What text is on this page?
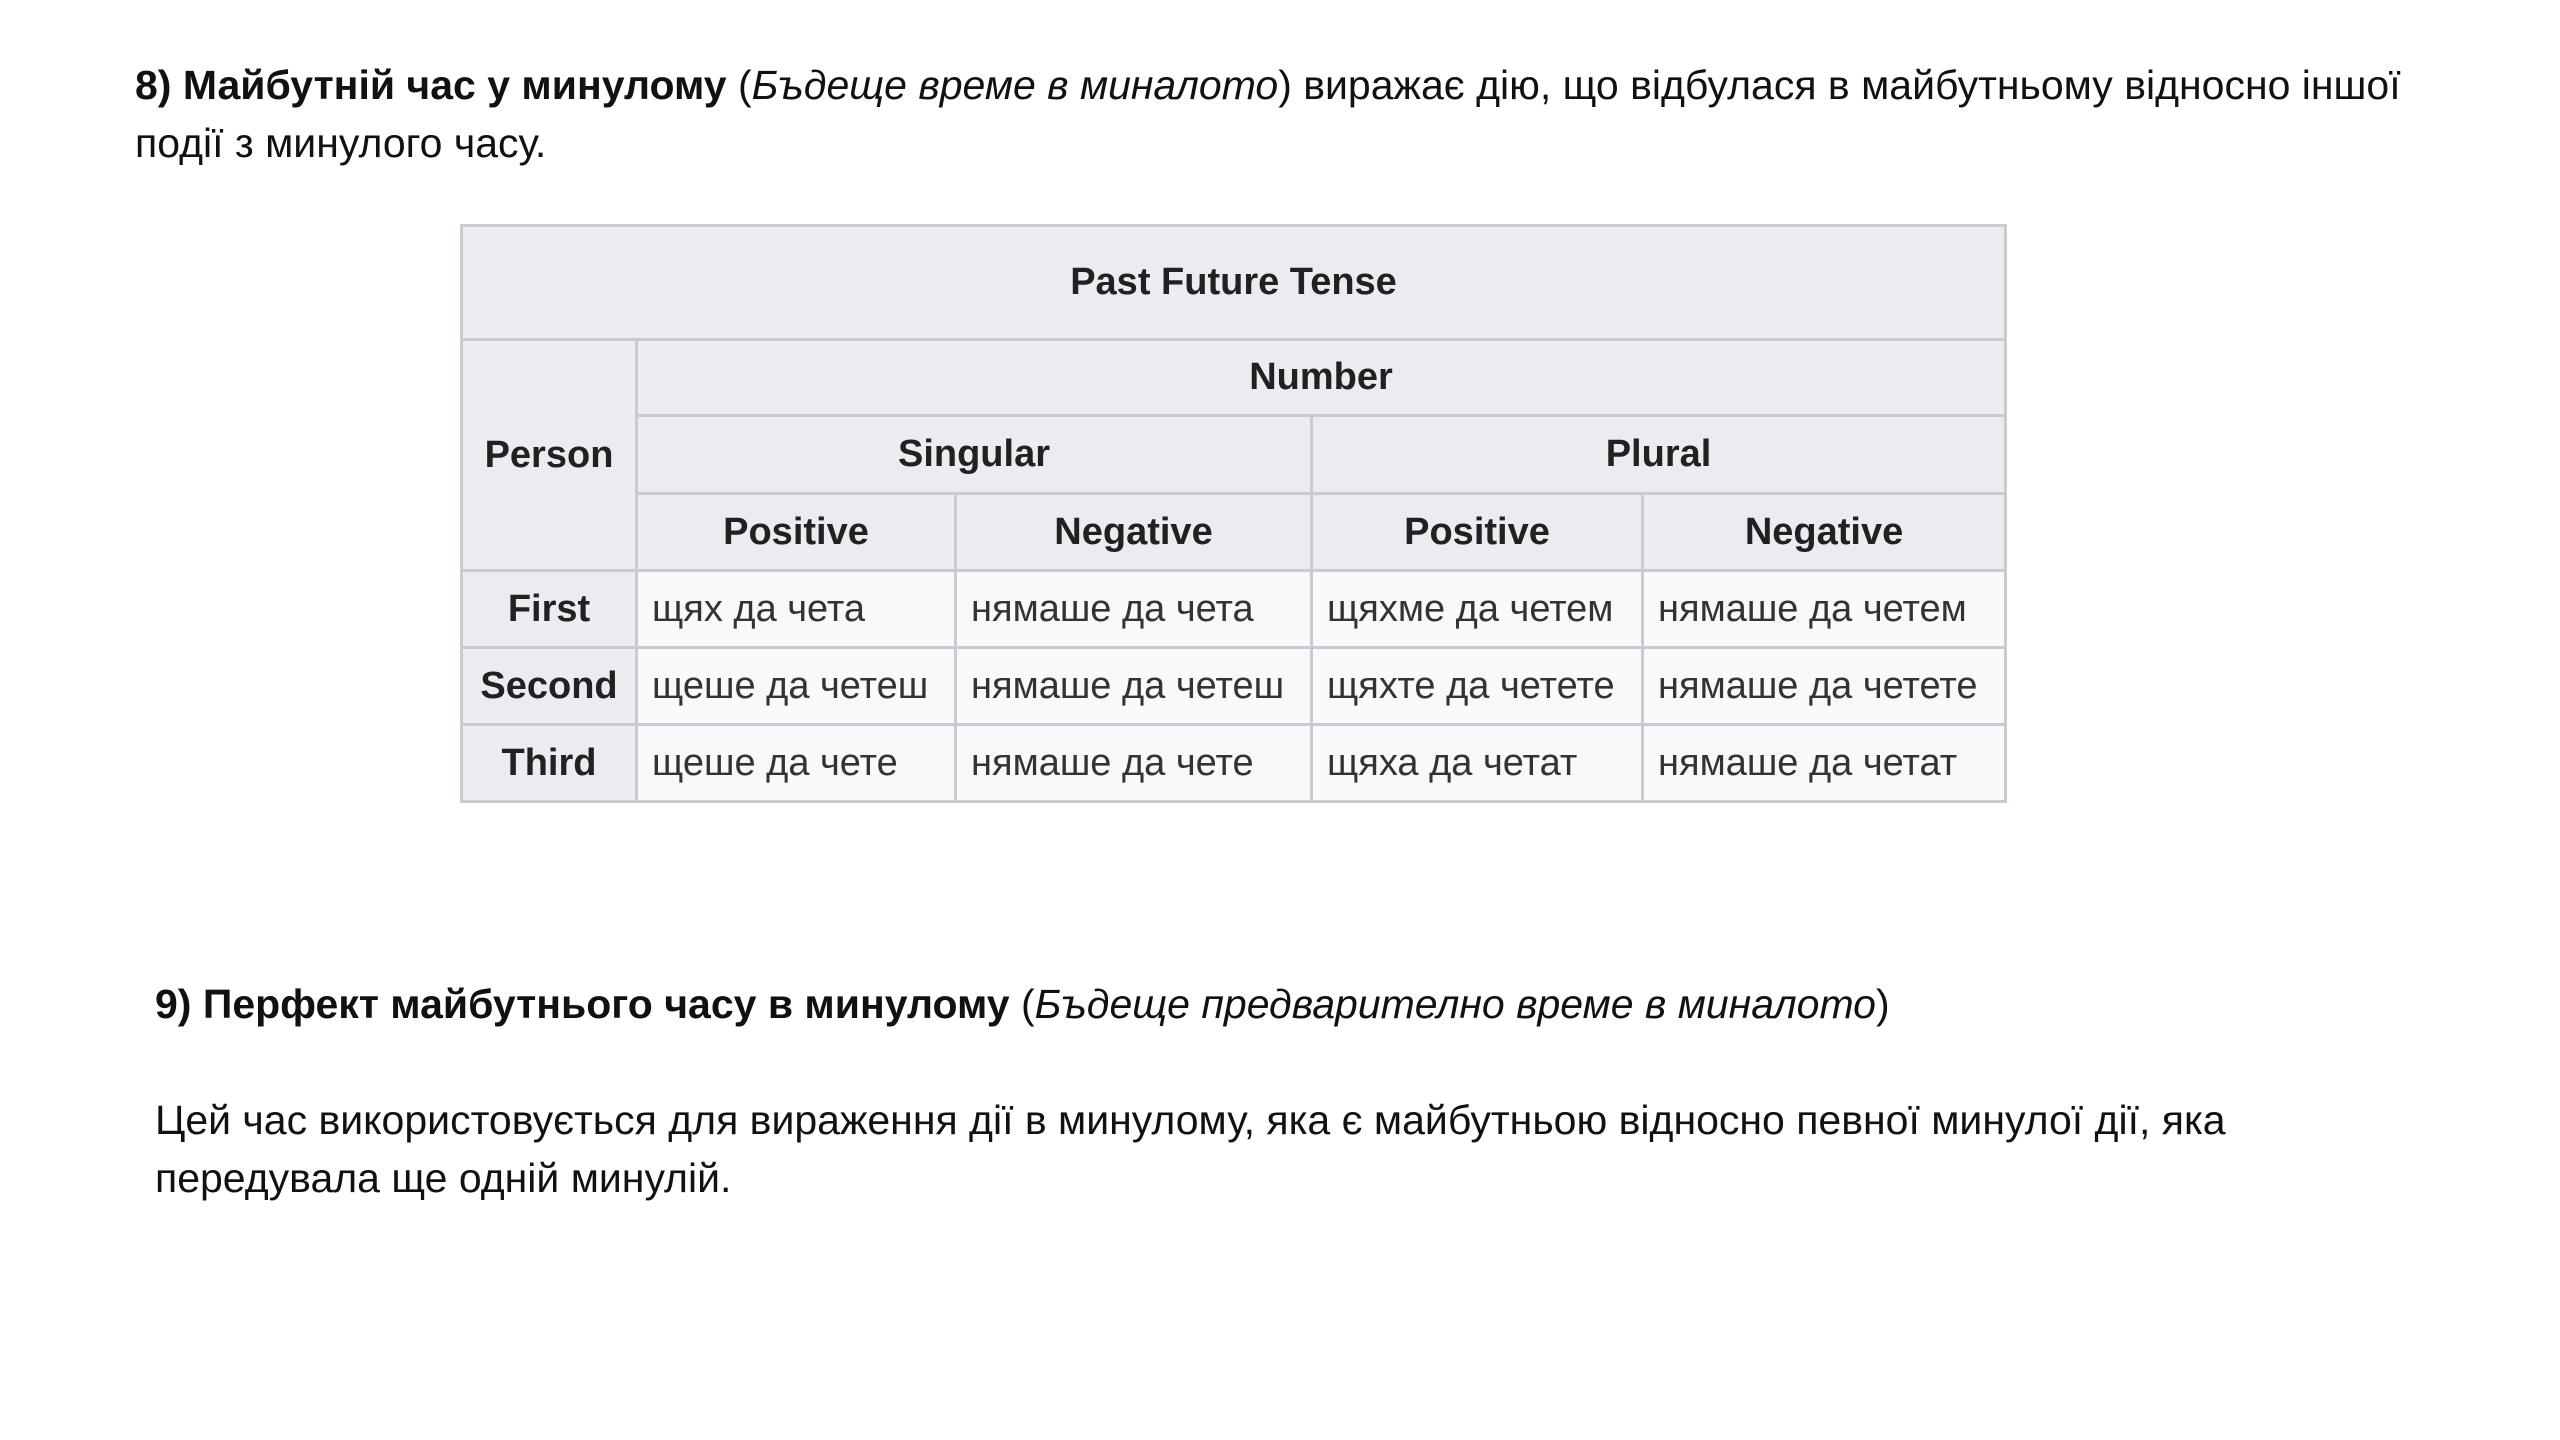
8) Майбутній час у минулому (Бъдеще време в миналото) виражає дію, що відбулася в майбутньому відносно іншої події з минулого часу.

Past Future Tense				
Person	Number			
	Singular		Plural	
	Positive	Negative	Positive	Negative
First	щях да чета	нямаше да чета	щяхме да четем	нямаше да четем
Second	щеше да четеш	нямаше да четеш	щяхте да четете	нямаше да четете
Third	щеше да чете	нямаше да чете	щяха да четат	нямаше да четат

9) Перфект майбутнього часу в минулому (Бъдеще предварително време в миналото)

Цей час використовується для вираження дії в минулому, яка є майбутньою відносно певної минулої дії, яка передувала ще одній минулій.
